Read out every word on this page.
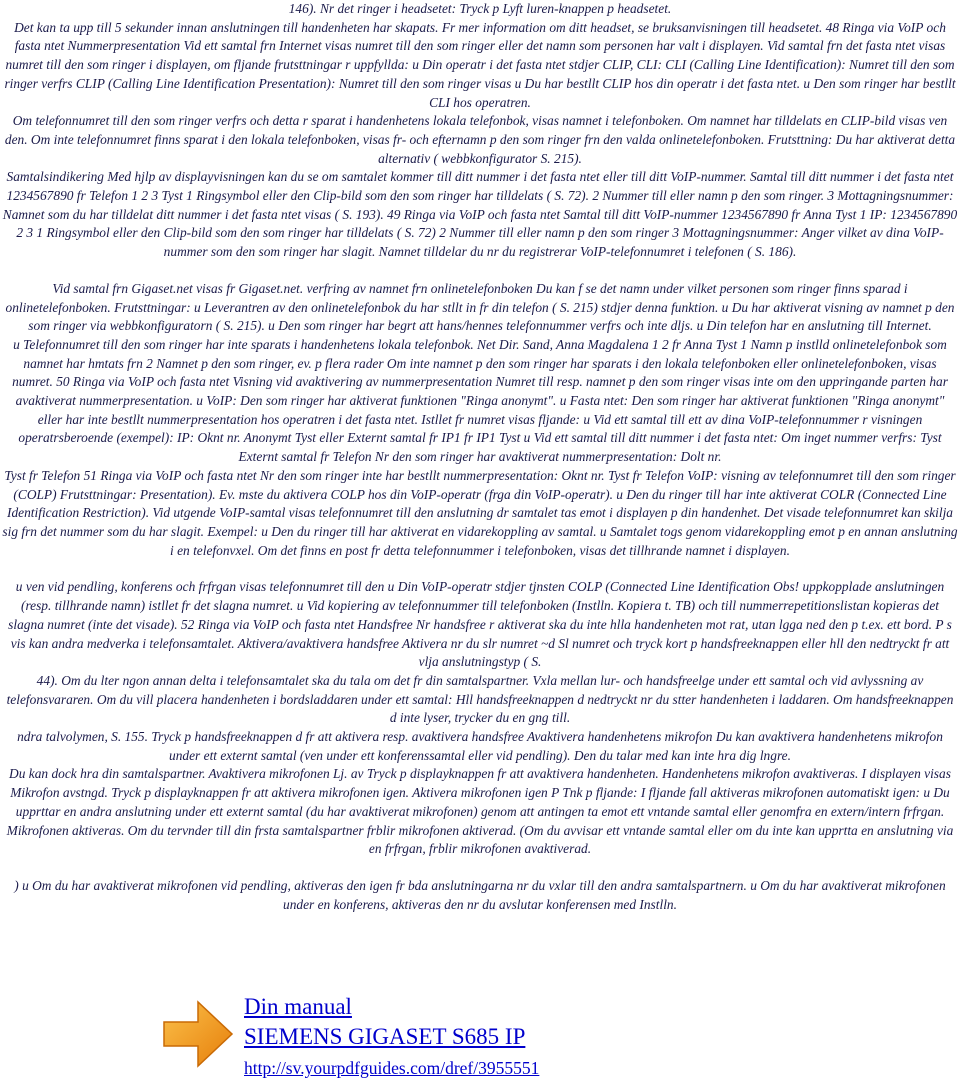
146). Nr det ringer i headsetet: Tryck p Lyft luren-knappen p headsetet.

Det kan ta upp till 5 sekunder innan anslutningen till handenheten har skapats. Fr mer information om ditt headset, se bruksanvisningen till headsetet. 48 Ringa via VoIP och fasta ntet Nummerpresentation Vid ett samtal frn Internet visas numret till den som ringer eller det namn som personen har valt i displayen. Vid samtal frn det fasta ntet visas numret till den som ringer i displayen, om fljande frutsttningar r uppfyllda: u Din operatr i det fasta ntet stdjer CLIP, CLI: CLI (Calling Line Identification): Numret till den som ringer verfrs CLIP (Calling Line Identification Presentation): Numret till den som ringer visas u Du har bestllt CLIP hos din operatr i det fasta ntet. u Den som ringer har bestllt CLI hos operatren.

Om telefonnumret till den som ringer verfrs och detta r sparat i handenhetens lokala telefonbok, visas namnet i telefonboken. Om namnet har tilldelats en CLIP-bild visas ven den. Om inte telefonnumret finns sparat i den lokala telefonboken, visas fr- och efternamn p den som ringer frn den valda onlinetelefonboken. Frutsttning: Du har aktiverat detta alternativ ( webbkonfigurator S. 215).

Samtalsindikering Med hjlp av displayvisningen kan du se om samtalet kommer till ditt nummer i det fasta ntet eller till ditt VoIP-nummer. Samtal till ditt nummer i det fasta ntet 1234567890 fr Telefon 1 2 3 Tyst 1 Ringsymbol eller den Clip-bild som den som ringer har tilldelats ( S. 72). 2 Nummer till eller namn p den som ringer. 3 Mottagningsnummer: Namnet som du har tilldelat ditt nummer i det fasta ntet visas ( S. 193). 49 Ringa via VoIP och fasta ntet Samtal till ditt VoIP-nummer 1234567890 fr Anna Tyst 1 IP: 1234567890 2 3 1 Ringsymbol eller den Clip-bild som den som ringer har tilldelats ( S. 72) 2 Nummer till eller namn p den som ringer 3 Mottagningsnummer: Anger vilket av dina VoIP-nummer som den som ringer har slagit. Namnet tilldelar du nr du registrerar VoIP-telefonnumret i telefonen ( S. 186).

Vid samtal frn Gigaset.net visas fr Gigaset.net. verfring av namnet frn onlinetelefonboken Du kan f se det namn under vilket personen som ringer finns sparad i onlinetelefonboken. Frutsttningar: u Leverantren av den onlinetelefonbok du har stllt in fr din telefon ( S. 215) stdjer denna funktion. u Du har aktiverat visning av namnet p den som ringer via webbkonfiguratorn ( S. 215). u Den som ringer har begrt att hans/hennes telefonnummer verfrs och inte dljs. u Din telefon har en anslutning till Internet.

u Telefonnumret till den som ringer har inte sparats i handenhetens lokala telefonbok. Net Dir. Sand, Anna Magdalena 1 2 fr Anna Tyst 1 Namn p instlld onlinetelefonbok som namnet har hmtats frn 2 Namnet p den som ringer, ev. p flera rader Om inte namnet p den som ringer har sparats i den lokala telefonboken eller onlinetelefonboken, visas numret. 50 Ringa via VoIP och fasta ntet Visning vid avaktivering av nummerpresentation Numret till resp. namnet p den som ringer visas inte om den uppringande parten har avaktiverat nummerpresentation. u VoIP: Den som ringer har aktiverat funktionen "Ringa anonymt". u Fasta ntet: Den som ringer har aktiverat funktionen "Ringa anonymt" eller har inte bestllt nummerpresentation hos operatren i det fasta ntet. Istllet fr numret visas fljande: u Vid ett samtal till ett av dina VoIP-telefonnummer r visningen operatrsberoende (exempel): IP: Oknt nr. Anonymt Tyst eller Externt samtal fr IP1 fr IP1 Tyst u Vid ett samtal till ditt nummer i det fasta ntet: Om inget nummer verfrs: Tyst Externt samtal fr Telefon Nr den som ringer har avaktiverat nummerpresentation: Dolt nr.

Tyst fr Telefon 51 Ringa via VoIP och fasta ntet Nr den som ringer inte har bestllt nummerpresentation: Oknt nr. Tyst fr Telefon VoIP: visning av telefonnumret till den som ringer (COLP) Frutsttningar: Presentation). Ev. mste du aktivera COLP hos din VoIP-operatr (frga din VoIP-operatr). u Den du ringer till har inte aktiverat COLR (Connected Line Identification Restriction). Vid utgende VoIP-samtal visas telefonnumret till den anslutning dr samtalet tas emot i displayen p din handenhet. Det visade telefonnumret kan skilja sig frn det nummer som du har slagit. Exempel: u Den du ringer till har aktiverat en vidarekoppling av samtal. u Samtalet togs genom vidarekoppling emot p en annan anslutning i en telefonvxel. Om det finns en post fr detta telefonnummer i telefonboken, visas det tillhrande namnet i displayen.

u ven vid pendling, konferens och frfrgan visas telefonnumret till den u Din VoIP-operatr stdjer tjnsten COLP (Connected Line Identification Obs! uppkopplade anslutningen (resp. tillhrande namn) istllet fr det slagna numret. u Vid kopiering av telefonnummer till telefonboken (Instlln. Kopiera t. TB) och till nummerrepetitionslistan kopieras det slagna numret (inte det visade). 52 Ringa via VoIP och fasta ntet Handsfree Nr handsfree r aktiverat ska du inte hlla handenheten mot rat, utan lgga ned den p t.ex. ett bord. P s vis kan andra medverka i telefonsamtalet. Aktivera/avaktivera handsfree Aktivera nr du slr numret ~d Sl numret och tryck kort p handsfreeknappen eller hll den nedtryckt fr att vlja anslutningstyp ( S.

44). Om du lter ngon annan delta i telefonsamtalet ska du tala om det fr din samtalspartner. Vxla mellan lur- och handsfreelge under ett samtal och vid avlyssning av telefonsvararen. Om du vill placera handenheten i bordsladdaren under ett samtal: Hll handsfreeknappen d nedtryckt nr du stter handenheten i laddaren. Om handsfreeknappen d inte lyser, trycker du en gng till.

ndra talvolymen, S. 155. Tryck p handsfreeknappen d fr att aktivera resp. avaktivera handsfree Avaktivera handenhetens mikrofon Du kan avaktivera handenhetens mikrofon under ett externt samtal (ven under ett konferenssamtal eller vid pendling). Den du talar med kan inte hra dig lngre.

Du kan dock hra din samtalspartner. Avaktivera mikrofonen Lj. av Tryck p displayknappen fr att avaktivera handenheten. Handenhetens mikrofon avaktiveras. I displayen visas Mikrofon avstngd. Tryck p displayknappen fr att aktivera mikrofonen igen. Aktivera mikrofonen igen P Tnk p fljande: I fljande fall aktiveras mikrofonen automatiskt igen: u Du upprttar en andra anslutning under ett externt samtal (du har avaktiverat mikrofonen) genom att antingen ta emot ett vntande samtal eller genomfra en extern/intern frfrgan. Mikrofonen aktiveras. Om du tervnder till din frsta samtalspartner frblir mikrofonen aktiverad. (Om du avvisar ett vntande samtal eller om du inte kan upprtta en anslutning via en frfrgan, frblir mikrofonen avaktiverad.

) u Om du har avaktiverat mikrofonen vid pendling, aktiveras den igen fr bda anslutningarna nr du vxlar till den andra samtalspartnern. u Om du har avaktiverat mikrofonen under en konferens, aktiveras den nr du avslutar konferensen med Instlln.

Din manual
SIEMENS GIGASET S685 IP
http://sv.yourpdfguides.com/dref/3955551
